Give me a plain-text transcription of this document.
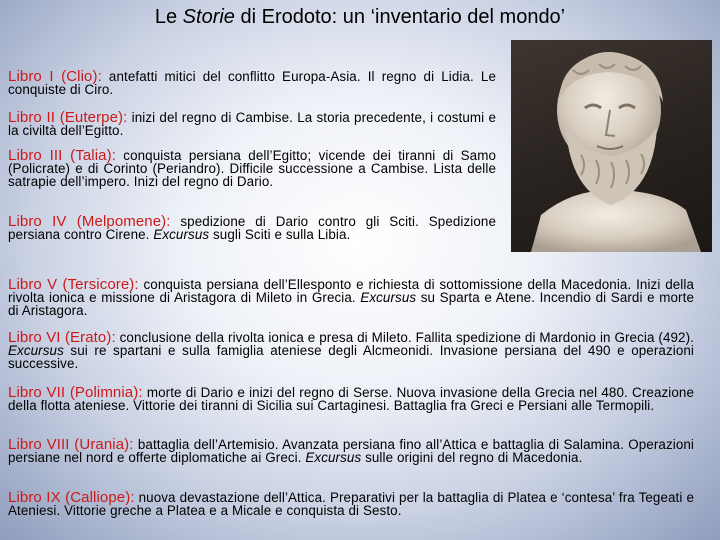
Le Storie di Erodoto: un ‘inventario del mondo’
Libro I (Clio): antefatti mitici del conflitto Europa-Asia. Il regno di Lidia. Le conquiste di Ciro.
Libro II (Euterpe): inizi del regno di Cambise. La storia precedente, i costumi e la civiltà dell’Egitto.
Libro III (Talia): conquista persiana dell’Egitto; vicende dei tiranni di Samo (Policrate) e di Corinto (Periandro). Difficile successione a Cambise. Lista delle satrapie dell’impero. Inizi del regno di Dario.
Libro IV (Melpomene): spedizione di Dario contro gli Sciti. Spedizione persiana contro Cirene. Excursus sugli Sciti e sulla Libia.
Libro V (Tersicore): conquista persiana dell’Ellesponto e richiesta di sottomissione della Macedonia. Inizi della rivolta ionica e missione di Aristagora di Mileto in Grecia. Excursus su Sparta e Atene. Incendio di Sardi e morte di Aristagora.
Libro VI (Erato): conclusione della rivolta ionica e presa di Mileto. Fallita spedizione di Mardonio in Grecia (492). Excursus sui re spartani e sulla famiglia ateniese degli Alcmeonidi. Invasione persiana del 490 e operazioni successive.
Libro VII (Polimnia): morte di Dario e inizi del regno di Serse. Nuova invasione della Grecia nel 480. Creazione della flotta ateniese. Vittorie dei tiranni di Sicilia sui Cartaginesi. Battaglia fra Greci e Persiani alle Termopili.
Libro VIII (Urania): battaglia dell’Artemisio. Avanzata persiana fino all’Attica e battaglia di Salamina. Operazioni persiane nel nord e offerte diplomatiche ai Greci. Excursus sulle origini del regno di Macedonia.
Libro IX (Calliope): nuova devastazione dell’Attica. Preparativi per la battaglia di Platea e ‘contesa’ fra Tegeati e Ateniesi. Vittorie greche a Platea e a Micale e conquista di Sesto.
